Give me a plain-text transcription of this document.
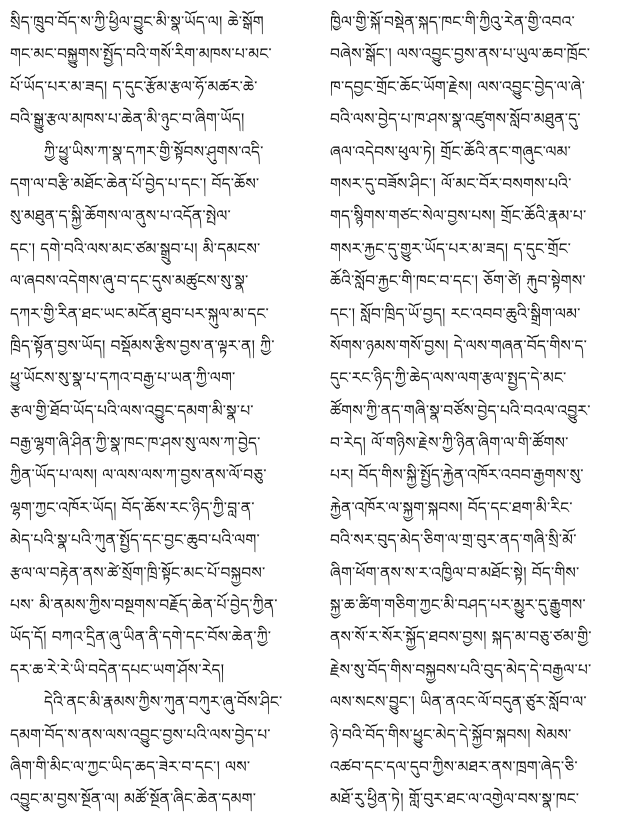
སྲིད་ཁྲུབ་བོད་ས་ཀྱི་ཕྱིལ་བྱུང་མི་སྣ་ཡོད་ལ། ཆེ་སྒོག
གང་མང་བསྐྱུགས་སྤྱོད་བའི་གསོ་རིག་མཁས་པ་མང་
པོ་ཡོད་པར་མ་ཟད། ད་དུང་རྩོམ་རྩལ་ཧོ་མཚར་ཆེ་
བའི་སྒྱུ་རྩལ་མཁས་པ་ཆེན་མི་ཉུང་བ་ཞིག་ཡོད།
ཀྱི་ཕྱུ་ཡིས་ཀ་སྣ་དཀར་གྱི་སྟོབས་ཤུགས་འདི་
དག་ལ་བརྩི་མཐོང་ཆེན་པོ་བྱེད་པ་དང་། བོད་ཆོས་
སུ་མཐུན་ད་སྐྱི་ཆོགས་ལ་ནུས་པ་འདོན་སྤེལ་
དང་། དགེ་བའི་ལས་མང་ཙམ་སྒྲུབ་པ། མི་དམངས་
ལ་ཞབས་འདེགས་ཞུ་བ་དང་དུས་མཚུངས་སུ་སྣ་
དཀར་གྱི་རིན་ཐང་ཡང་མངོན་ཐུབ་པར་སྐུལ་མ་དང་
ཁྲིད་སྟོན་བྱས་ཡོད། བསྡོམས་རྩིས་བྱས་ན་ལྟར་ན། ཀྱི་
ཕྱུ་ཡོངས་སུ་སྣ་པ་དཀའ་བརྒྱ་པ་ཡན་ཀྱི་ལག་
རྩལ་གྱི་ཐོབ་ཡོད་པའི་ལས་འབྱུང་དམག་མི་སྣ་པ་
བརྒྱ་ལྷག་ཞི་ཤིན་ཀྱི་སྣ་ཁང་ཁ་ཤས་སུ་ལས་ཀ་བྱེད་
ཀྱིན་ཡོད་པ་ལས། ལ་ལས་ལས་ཀ་བྱས་ནས་ལོ་བཅུ་
ལྷག་ཀྱང་འཁོར་ཡོད། བོད་ཆོས་རང་ཉིད་ཀྱི་བླ་ན་
མེད་པའི་སྣ་པའི་ཀུན་སྤྱོད་དང་བྱང་ཆུབ་པའི་ལག་
རྩལ་ལ་བརྟེན་ནས་ཚེ་སྲོག་ཁྲི་སྟོང་མང་པོ་བསྐྱབས་
པས་ མི་ནམས་ཀྱིས་བསྔགས་བརྗོད་ཆེན་པོ་བྱེད་ཀྱིན་
ཡོད་དོ། བཀའ་དྲིན་ཞུ་ཡིན་ནི་དགེ་དང་བོས་ཆེན་ཀྱི་
དར་ཆ་རེ་རེ་ཡི་བདེན་དཔང་ཡག་ཤོས་རེད།
དེའི་ནང་མི་རྣམས་ཀྱིས་ཀུན་བཀུར་ཞུ་བོས་ཤིང་
དམག་བོད་ས་ནས་ལས་འབྱུང་བྱས་པའི་ལས་བྱེད་པ་
ཞིག་གི་མིང་ལ་ཀྱང་ཡིད་ཆད་ཟེར་བ་དང་། ལས་
འབྱུང་མ་བྱས་སྔོན་ལ། མཚོ་སྔོན་ཞིང་ཆེན་དམག་
ཁྱིལ་གྱི་སྐོ་བསྡེན་སྐད་ཁང་གི་ཀྱིའུ་རེན་གྱི་འབའ་
བཞེས་སྒོང་། ལས་འབྱུང་བྱས་ནས་པ་ཡུལ་ཆབ་ཁྲོང་
ཁ་དབྱང་གྲོང་ཆོང་ཡོག་རྗེས། ལས་འབྱུང་བྱེད་ལ་ཞེ་
བའི་ལས་བྱེད་པ་ཁ་ཤས་སྣ་འཛུགས་སློབ་མཐུན་དུ་
ཞལ་འདེབས་ཕུལ་ཏེ། གྲོང་ཆོའི་ནང་གཞུང་ལམ་
གསར་དུ་བཟོས་ཤིང་། ལོ་མང་བོར་བསགས་པའི་
གད་སྙིགས་གཙང་སེལ་བྱས་པས། གྲོང་ཆོའི་རྣམ་པ་
གསར་རྐྱང་དུ་གྱུར་ཡོད་པར་མ་ཟད། ད་དུང་གྲོང་
ཆོའི་སློབ་རྐྱང་གི་ཁང་བ་དང་། ཅོག་ཙེ། རྐུབ་སྟེགས་
དང་། སློབ་ཁྲིད་ཡོ་བྱད། རང་འབབ་ཆུའི་སྒྲིག་ལམ་
སོགས་ཉམས་གསོ་བྱས། དེ་ལས་གཞན་བོད་གིས་ད་
དུང་རང་ཉིད་ཀྱི་ཆེད་ལས་ལག་རྩལ་སྤྱད་དེ་མང་
ཚོགས་ཀྱི་ནད་གཞི་སྣ་བཙོས་བྱེད་པའི་བའལ་འབྱུར་
བ་རེད། ལོ་གཉིས་རྗེས་ཀྱི་ཉིན་ཞིག་ལ་གི་ཚོགས་
པར། བོད་གིས་སྐྱི་སྤྱོད་རྐྱེན་འཁོར་འབབ་རྒྱགས་སུ་
རྐྱེན་འཁོར་ལ་སྐྱག་སྐབས། བོད་དང་ཐག་མི་རིང་
བའི་སར་བུད་མེད་ཅིག་ལ་གྲ་བུར་ནད་གཞི་སྲི་མོ་
ཞིག་ཕོག་ནས་ས་ར་འཁྱིལ་བ་མཐོང་སྟེ། བོད་གིས་
སྐྱ་ཆ་ཚིག་གཅིག་ཀྱང་མི་བཤད་པར་མྱུར་དུ་རྒྱུགས་
ནས་སོ་ར་སོར་སྐྱོད་ཐབས་བྱས། སྐད་མ་བཅུ་ཙམ་གྱི་
རྗེས་སུ་བོད་གིས་བསྐྱབས་པའི་བུད་མེད་དེ་བརྒྱལ་པ་
ལས་སངས་བྱུང་། ཡིན་ནའང་ལོ་བདུན་ཙུར་སློབ་ལ་
ཉེ་བའི་བོད་གིས་ཕྱུང་མེད་དེ་སྐྱོབ་སྐབས། སེམས་
འཚབ་དང་དལ་དུབ་ཀྱིས་མཐར་ནས་ཁྲག་ཞེད་ཅི་
མཐོ་རུ་ཕྱིན་ཏེ། གློ་བུར་ཐང་ལ་འགྱེལ་བས་སྣ་ཁང་
